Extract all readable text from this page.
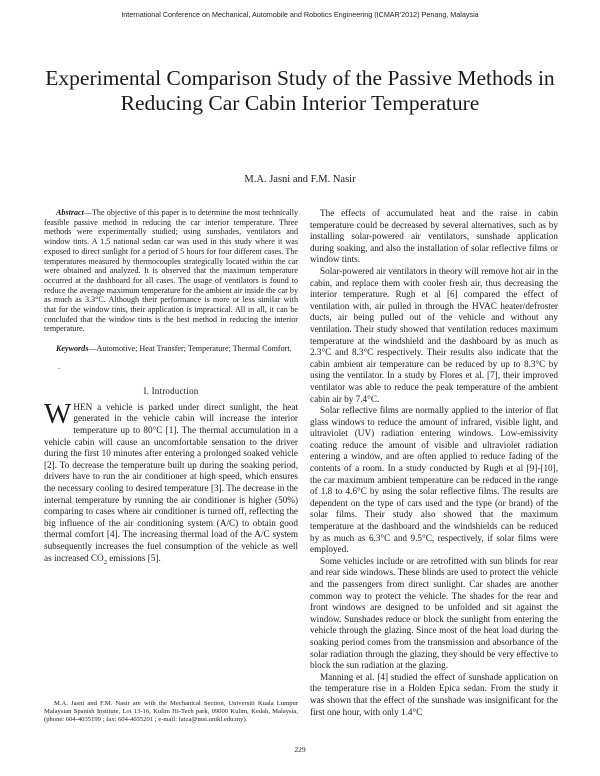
International Conference on Mechanical, Automobile and Robotics Engineering (ICMAR'2012) Penang, Malaysia
Experimental Comparison Study of the Passive Methods in Reducing Car Cabin Interior Temperature
M.A. Jasni and F.M. Nasir

Abstract—The objective of this paper is to determine the most technically feasible passive method in reducing the car interior temperature. Three methods were experimentally studied; using sunshades, ventilators and window tints. A 1.5 national sedan car was used in this study where it was exposed to direct sunlight for a period of 5 hours for four different cases. The temperatures measured by thermocouples strategically located within the car were obtained and analyzed. It is observed that the maximum temperature occurred at the dashboard for all cases. The usage of ventilators is found to reduce the average maximum temperature for the ambient air inside the car by as much as 3.3°C. Although their performance is more or less similar with that for the window tints, their application is impractical. All in all, it can be concluded that the window tints is the best method in reducing the interior temperature.

Keywords—Automotive; Heat Transfer; Temperature; Thermal Comfort.

.
I. Introduction

WHEN a vehicle is parked under direct sunlight, the heat generated in the vehicle cabin will increase the interior temperature up to 80°C [1]. The thermal accumulation in a vehicle cabin will cause an uncomfortable sensation to the driver during the first 10 minutes after entering a prolonged soaked vehicle [2]. To decrease the temperature built up during the soaking period, drivers have to run the air conditioner at high speed, which ensures the necessary cooling to desired temperature [3]. The decrease in the internal temperature by running the air conditioner is higher (50%) comparing to cases where air conditioner is turned off, reflecting the big influence of the air conditioning system (A/C) to obtain good thermal comfort [4]. The increasing thermal load of the A/C system subsequently increases the fuel consumption of the vehicle as well as increased $CO_2$ emissions [5].

The effects of accumulated heat and the raise in cabin temperature could be decreased by several alternatives, such as by installing solar-powered air ventilators, sunshade application during soaking, and also the installation of solar reflective films or window tints.

Solar-powered air ventilators in theory will remove hot air in the cabin, and replace them with cooler fresh air, thus decreasing the interior temperature. Rugh et al [6] compared the effect of ventilation with, air pulled in through the HVAC heater/defroster ducts, air being pulled out of the vehicle and without any ventilation. Their study showed that ventilation reduces maximum temperature at the windshield and the dashboard by as much as 2.3°C and 8.3°C respectively. Their results also indicate that the cabin ambient air temperature can be reduced by up to 8.3°C by using the ventilator. In a study by Flores et al. [7], their improved ventilator was able to reduce the peak temperature of the ambient cabin air by 7.4°C.

Solar reflective films are normally applied to the interior of flat glass windows to reduce the amount of infrared, visible light, and ultraviolet (UV) radiation entering windows. Low-emissivity coating reduce the amount of visible and ultraviolet radiation entering a window, and are often applied to reduce fading of the contents of a room. In a study conducted by Rugh et al [9]-[10], the car maximum ambient temperature can be reduced in the range of 1.8 to 4.6°C by using the solar reflective films. The results are dependent on the type of cars used and the type (or brand) of the solar films. Their study also showed that the maximum temperature at the dashboard and the windshields can be reduced by as much as 6.3°C and 9.5°C, respectively, if solar films were employed.

Some vehicles include or are retrofitted with sun blinds for rear and rear side windows. These blinds are used to protect the vehicle and the passengers from direct sunlight. Car shades are another common way to protect the vehicle. The shades for the rear and front windows are designed to be unfolded and sit against the window. Sunshades reduce or block the sunlight from entering the vehicle through the glazing. Since most of the heat load during the soaking period comes from the transmission and absorbance of the solar radiation through the glazing, they should be very effective to block the sun radiation at the glazing.

Manning et al. [4] studied the effect of sunshade application on the temperature rise in a Holden Epica sedan. From the study it was shown that the effect of the sunshade was insignificant for the first one hour, with only 1.4°C

M.A. Jasni and F.M. Nasir are with the Mechanical Section, Universiti Kuala Lumpur Malaysian Spanish Institute, Lot 13-16, Kulim Hi-Tech park, 09000 Kulim, Kedah, Malaysia, (phone: 604-4035199 ; fax: 604-4035201 ; e-mail: faiza@msi.unikl.edu.my).

229
